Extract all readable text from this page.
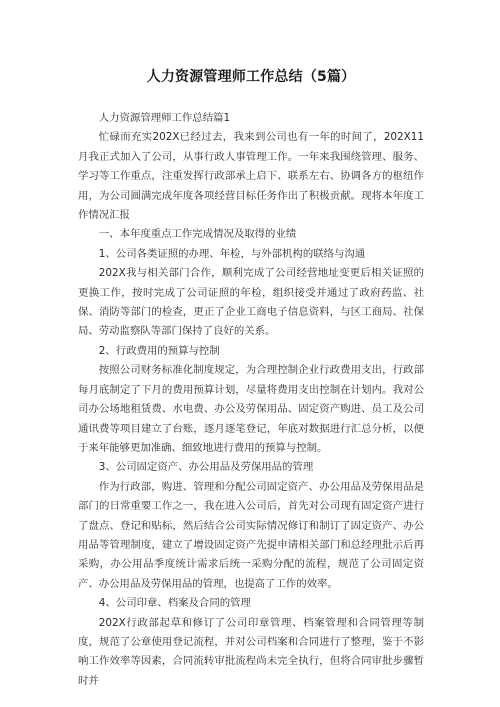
人力资源管理师工作总结（5篇）

人力资源管理师工作总结篇1

忙碌而充实202X已经过去，我来到公司也有一年的时间了，202X11月我正式加入了公司，从事行政人事管理工作。一年来我围绕管理、服务、学习等工作重点，注重发挥行政部承上启下、联系左右、协调各方的枢纽作用，为公司圆满完成年度各项经营目标任务作出了积极贡献。现将本年度工作情况汇报

一、本年度重点工作完成情况及取得的业绩

1、公司各类证照的办理、年检，与外部机构的联络与沟通

202X我与相关部门合作，顺利完成了公司经营地址变更后相关证照的更换工作，按时完成了公司证照的年检，组织接受并通过了政府药监、社保、消防等部门的检查，更正了企业工商电子信息资料，与区工商局、社保局、劳动监察队等部门保持了良好的关系。

2、行政费用的预算与控制

按照公司财务标准化制度规定，为合理控制企业行政费用支出，行政部每月底制定了下月的费用预算计划，尽量将费用支出控制在计划内。我对公司办公场地租赁费、水电费、办公及劳保用品、固定资产购进、员工及公司通讯费等项目建立了台账，逐月逐笔登记，年底对数据进行汇总分析，以便于来年能够更加准确、细致地进行费用的预算与控制。

3、公司固定资产、办公用品及劳保用品的管理

作为行政部，购进、管理和分配公司固定资产、办公用品及劳保用品是部门的日常重要工作之一，我在进入公司后，首先对公司现有固定资产进行了盘点、登记和贴标，然后结合公司实际情况修订和制订了固定资产、办公用品等管理制度，建立了增设固定资产先提申请相关部门和总经理批示后再采购，办公用品季度统计需求后统一采购分配的流程，规范了公司固定资产、办公用品及劳保用品的管理，也提高了工作的效率。

4、公司印章、档案及合同的管理

202X行政部起草和修订了公司印章管理、档案管理和合同管理等制度，规范了公章使用登记流程，并对公司档案和合同进行了整理，鉴于不影响工作效率等因素，合同流转审批流程尚未完全执行，但将合同审批步骤暂时并
